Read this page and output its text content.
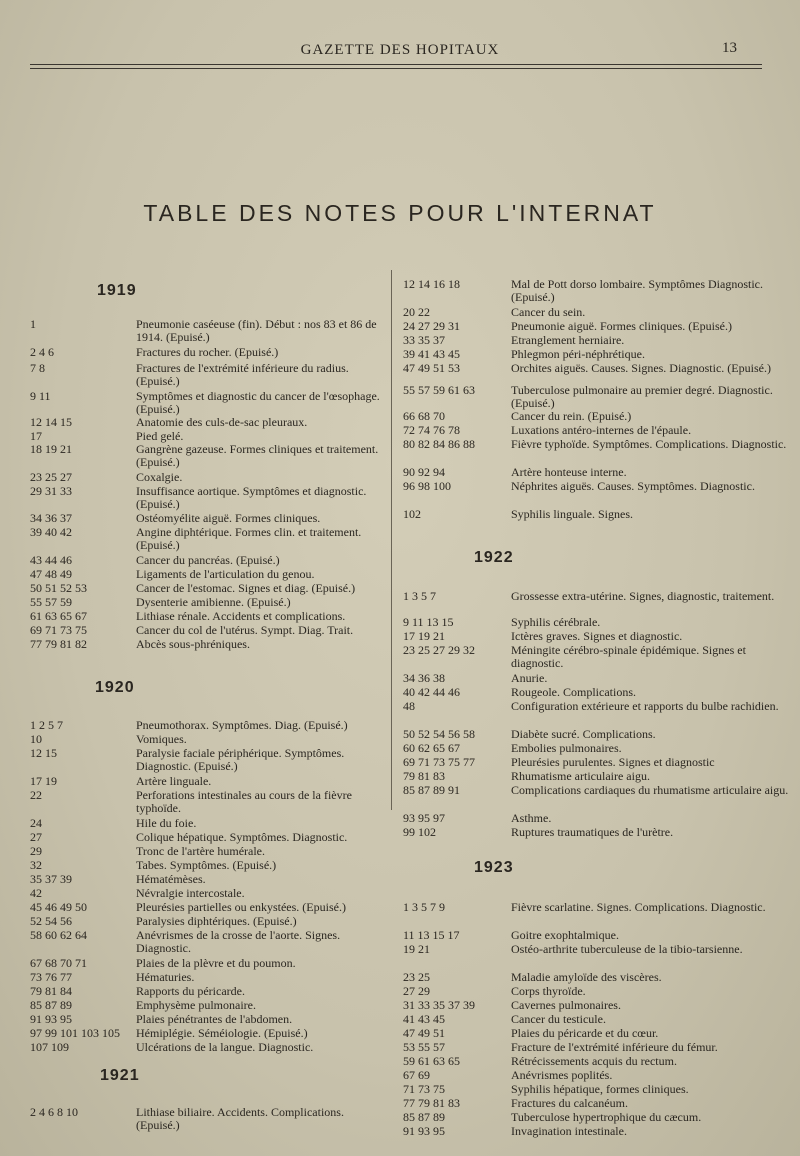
GAZETTE DES HOPITAUX	13
TABLE DES NOTES POUR L'INTERNAT
1919
1	Pneumonie caséeuse (fin). Début : nos 83 et 86 de 1914. (Epuisé.)
2 4 6	Fractures du rocher. (Epuisé.)
7 8	Fractures de l'extrémité inférieure du radius. (Epuisé.)
9 11	Symptômes et diagnostic du cancer de l'œsophage. (Epuisé.)
12 14 15	Anatomie des culs-de-sac pleuraux.
17	Pied gelé.
18 19 21	Gangrène gazeuse. Formes cliniques et traitement. (Epuisé.)
23 25 27	Coxalgie.
29 31 33	Insuffisance aortique. Symptômes et diagnostic. (Epuisé.)
34 36 37	Ostéomyélite aiguë. Formes cliniques.
39 40 42	Angine diphtérique. Formes clin. et traitement. (Epuisé.)
43 44 46	Cancer du pancréas. (Epuisé.)
47 48 49	Ligaments de l'articulation du genou.
50 51 52 53	Cancer de l'estomac. Signes et diag. (Epuisé.)
55 57 59	Dysenterie amibienne. (Epuisé.)
61 63 65 67	Lithiase rénale. Accidents et complications.
69 71 73 75	Cancer du col de l'utérus. Sympt. Diag. Trait.
77 79 81 82	Abcès sous-phréniques.
1920
1 2 5 7	Pneumothorax. Symptômes. Diag. (Epuisé.)
10	Vomiques.
12 15	Paralysie faciale périphérique. Symptômes. Diagnostic. (Epuisé.)
17 19	Artère linguale.
22	Perforations intestinales au cours de la fièvre typhoïde.
24	Hile du foie.
27	Colique hépatique. Symptômes. Diagnostic.
29	Tronc de l'artère humérale.
32	Tabes. Symptômes. (Epuisé.)
35 37 39	Hématémèses.
42	Névralgie intercostale.
45 46 49 50	Pleurésies partielles ou enkystées. (Epuisé.)
52 54 56	Paralysies diphtériques. (Epuisé.)
58 60 62 64	Anévrismes de la crosse de l'aorte. Signes. Diagnostic.
67 68 70 71	Plaies de la plèvre et du poumon.
73 76 77	Hématuries.
79 81 84	Rapports du péricarde.
85 87 89	Emphysème pulmonaire.
91 93 95	Plaies pénétrantes de l'abdomen.
97 99 101 103 105 Hémiplégie. Séméiologie. (Epuisé.)
107 109	Ulcérations de la langue. Diagnostic.
1921
2 4 6 8 10	Lithiase biliaire. Accidents. Complications. (Epuisé.)
12 14 16 18	Mal de Pott dorso lombaire. Symptômes Diagnostic. (Epuisé.)
20 22	Cancer du sein.
24 27 29 31	Pneumonie aiguë. Formes cliniques. (Epuisé.)
33 35 37	Etranglement herniaire.
39 41 43 45	Phlegmon péri-néphrétique.
47 49 51 53	Orchites aiguës. Causes. Signes. Diagnostic. (Epuisé.)
55 57 59 61 63	Tuberculose pulmonaire au premier degré. Diagnostic. (Epuisé.)
66 68 70	Cancer du rein. (Epuisé.)
72 74 76 78	Luxations antéro-internes de l'épaule.
80 82 84 86 88	Fièvre typhoïde. Symptômes. Complications. Diagnostic.
90 92 94	Artère honteuse interne.
96 98 100	Néphrites aiguës. Causes. Symptômes. Diagnostic.
102	Syphilis linguale. Signes.
1922
1 3 5 7	Grossesse extra-utérine. Signes, diagnostic, traitement.
9 11 13 15	Syphilis cérébrale.
17 19 21	Ictères graves. Signes et diagnostic.
23 25 27 29 32	Méningite cérébro-spinale épidémique. Signes et diagnostic.
34 36 38	Anurie.
40 42 44 46	Rougeole. Complications.
48	Configuration extérieure et rapports du bulbe rachidien.
50 52 54 56 58	Diabète sucré. Complications.
60 62 65 67	Embolies pulmonaires.
69 71 73 75 77	Pleurésies purulentes. Signes et diagnostic
79 81 83	Rhumatisme articulaire aigu.
85 87 89 91	Complications cardiaques du rhumatisme articulaire aigu.
93 95 97	Asthme.
99 102	Ruptures traumatiques de l'urètre.
1923
1 3 5 7 9	Fièvre scarlatine. Signes. Complications. Diagnostic.
11 13 15 17	Goitre exophtalmique.
19 21	Ostéo-arthrite tuberculeuse de la tibio-tarsienne.
23 25	Maladie amyloïde des viscères.
27 29	Corps thyroïde.
31 33 35 37 39	Cavernes pulmonaires.
41 43 45	Cancer du testicule.
47 49 51	Plaies du péricarde et du cœur.
53 55 57	Fracture de l'extrémité inférieure du fémur.
59 61 63 65	Rétrécissements acquis du rectum.
67 69	Anévrismes poplités.
71 73 75	Syphilis hépatique, formes cliniques.
77 79 81 83	Fractures du calcanéum.
85 87 89	Tuberculose hypertrophique du cæcum.
91 93 95	Invagination intestinale.
